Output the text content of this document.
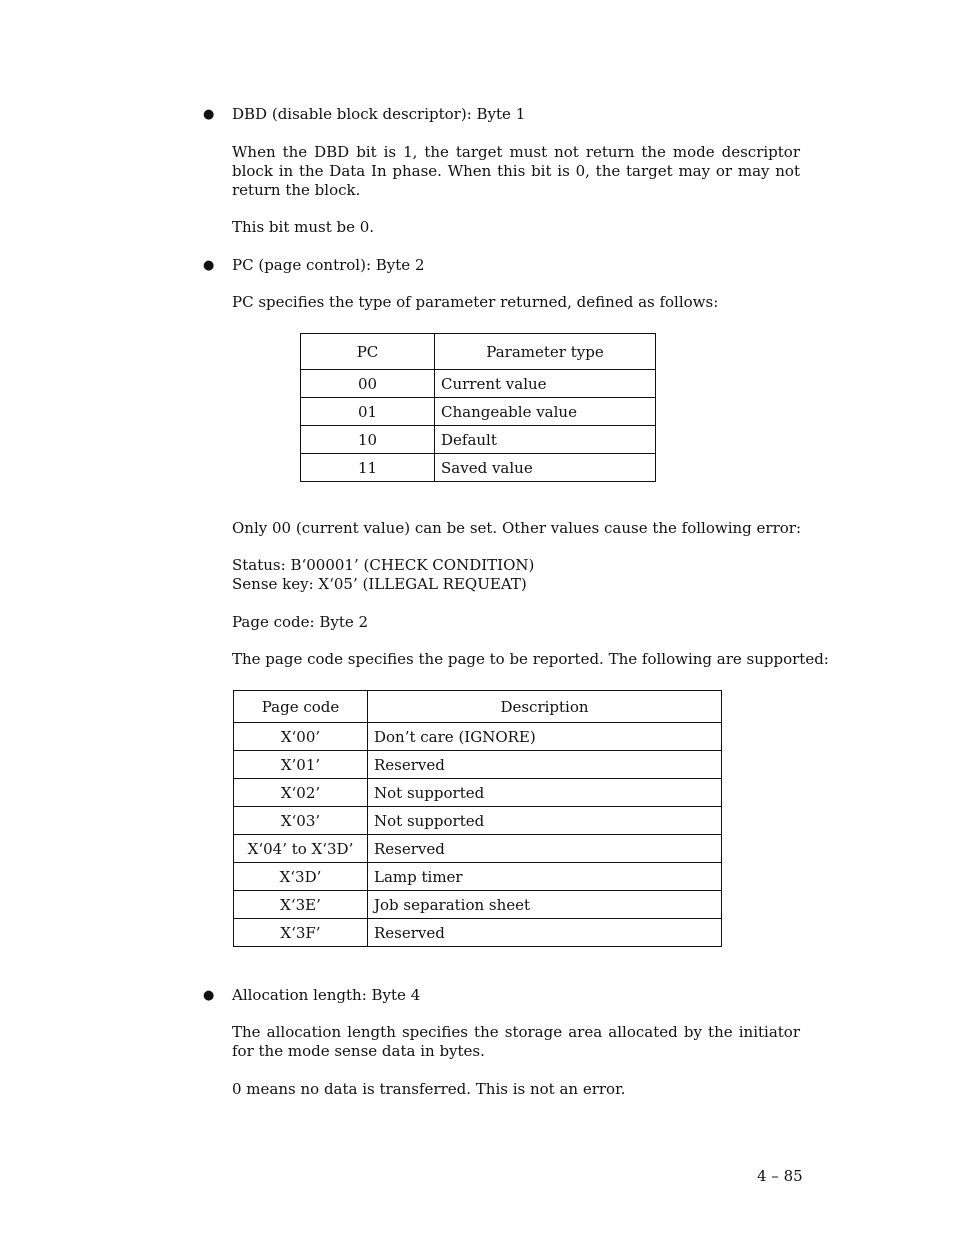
● DBD (disable block descriptor): Byte 1
When the DBD bit is 1, the target must not return the mode descriptor block in the Data In phase. When this bit is 0, the target may or may not return the block.
This bit must be 0.
● PC (page control): Byte 2
PC specifies the type of parameter returned, defined as follows:
PC	Parameter type
00	Current value
01	Changeable value
10	Default
11	Saved value
Only 00 (current value) can be set. Other values cause the following error:
Status: B‘00001’ (CHECK CONDITION)
Sense key: X‘05’ (ILLEGAL REQUEAT)
Page code: Byte 2
The page code specifies the page to be reported. The following are supported:
Page code	Description
X‘00’	Don’t care (IGNORE)
X’01’	Reserved
X‘02’	Not supported
X‘03’	Not supported
X‘04’ to X‘3D’	Reserved
X‘3D’	Lamp timer
X‘3E’	Job separation sheet
X‘3F’	Reserved
● Allocation length: Byte 4
The allocation length specifies the storage area allocated by the initiator for the mode sense data in bytes.
0 means no data is transferred. This is not an error.
4 – 85
